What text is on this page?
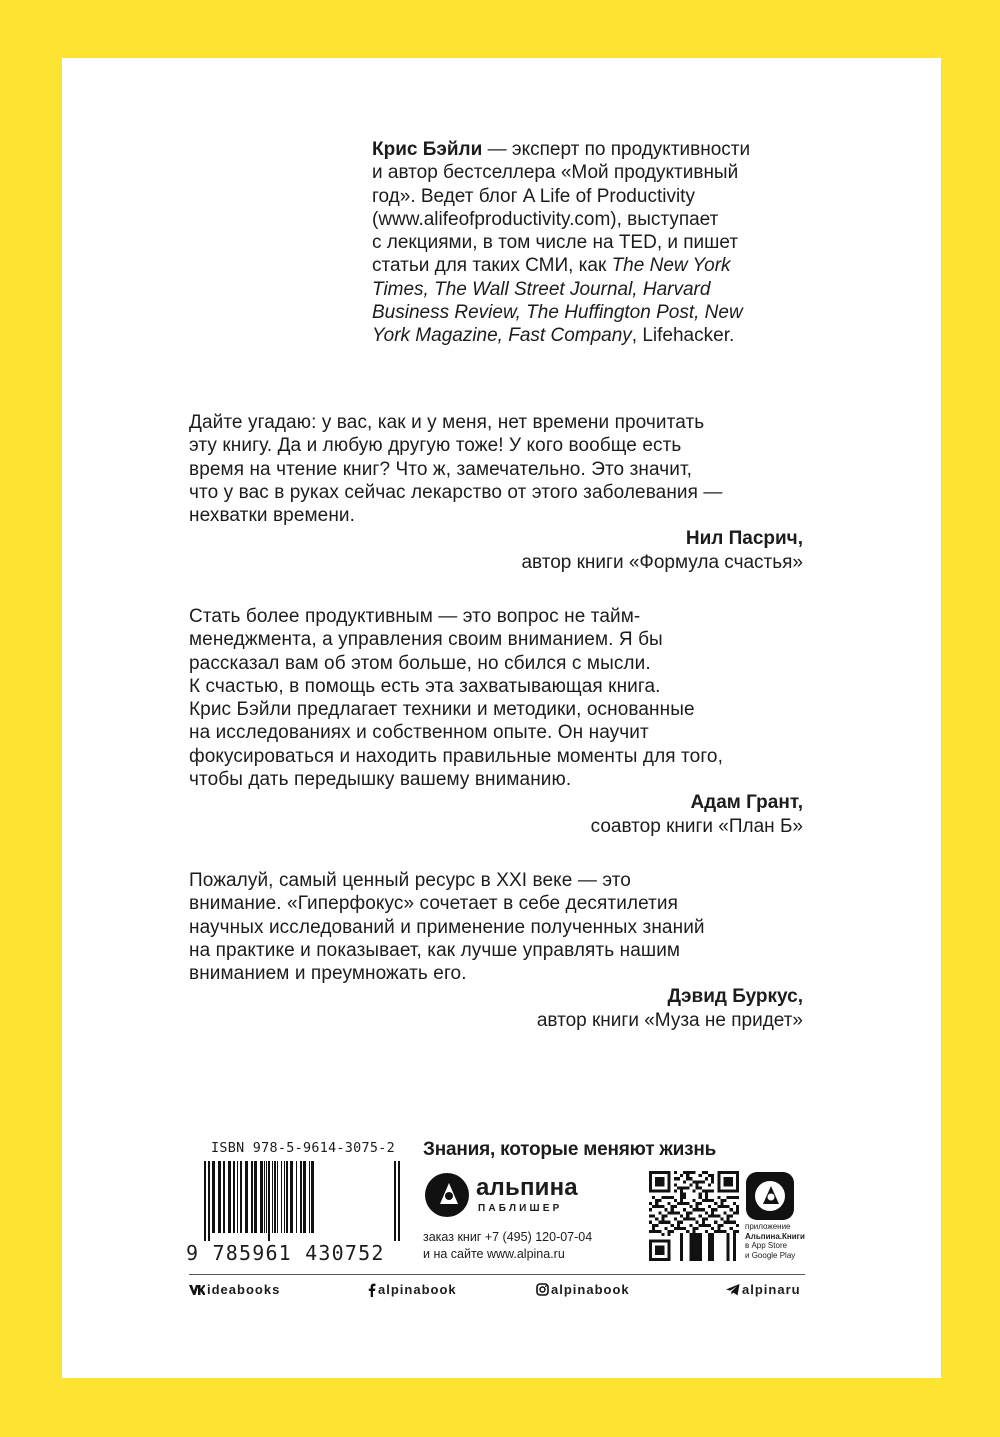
Крис Бэйли — эксперт по продуктивности

и автор бестселлера «Мой продуктивный

год». Ведет блог A Life of Productivity

(www.alifeofproductivity.com), выступает

с лекциями, в том числе на TED, и пишет

статьи для таких СМИ, как The New York

Times, The Wall Street Journal, Harvard

Business Review, The Huffington Post, New

York Magazine, Fast Company, Lifehacker.

Дайте угадаю: у вас, как и у меня, нет времени прочитать

эту книгу. Да и любую другую тоже! У кого вообще есть

время на чтение книг? Что ж, замечательно. Это значит,

что у вас в руках сейчас лекарство от этого заболевания —

нехватки времени.

Нил Пасрич,

автор книги «Формула счастья»

Стать более продуктивным — это вопрос не тайм-

менеджмента, а управления своим вниманием. Я бы

рассказал вам об этом больше, но сбился с мысли.

К счастью, в помощь есть эта захватывающая книга.

Крис Бэйли предлагает техники и методики, основанные

на исследованиях и собственном опыте. Он научит

фокусироваться и находить правильные моменты для того,

чтобы дать передышку вашему вниманию.

Адам Грант,

соавтор книги «План Б»

Пожалуй, самый ценный ресурс в XXI веке — это

внимание. «Гиперфокус» сочетает в себе десятилетия

научных исследований и применение полученных знаний

на практике и показывает, как лучше управлять нашим

вниманием и преумножать его.

Дэвид Буркус,

автор книги «Муза не придет»

ISBN 978-5-9614-3075-2
9 785961 430752
Знания, которые меняют жизнь
альпина
ПАБЛИШЕР

заказ книг +7 (495) 120-07-04

и на сайте www.alpina.ru

приложение

Альпина.Книги

в App Store

и Google Play

ideabooks	alpinabook	alpinabook	alpinaru
